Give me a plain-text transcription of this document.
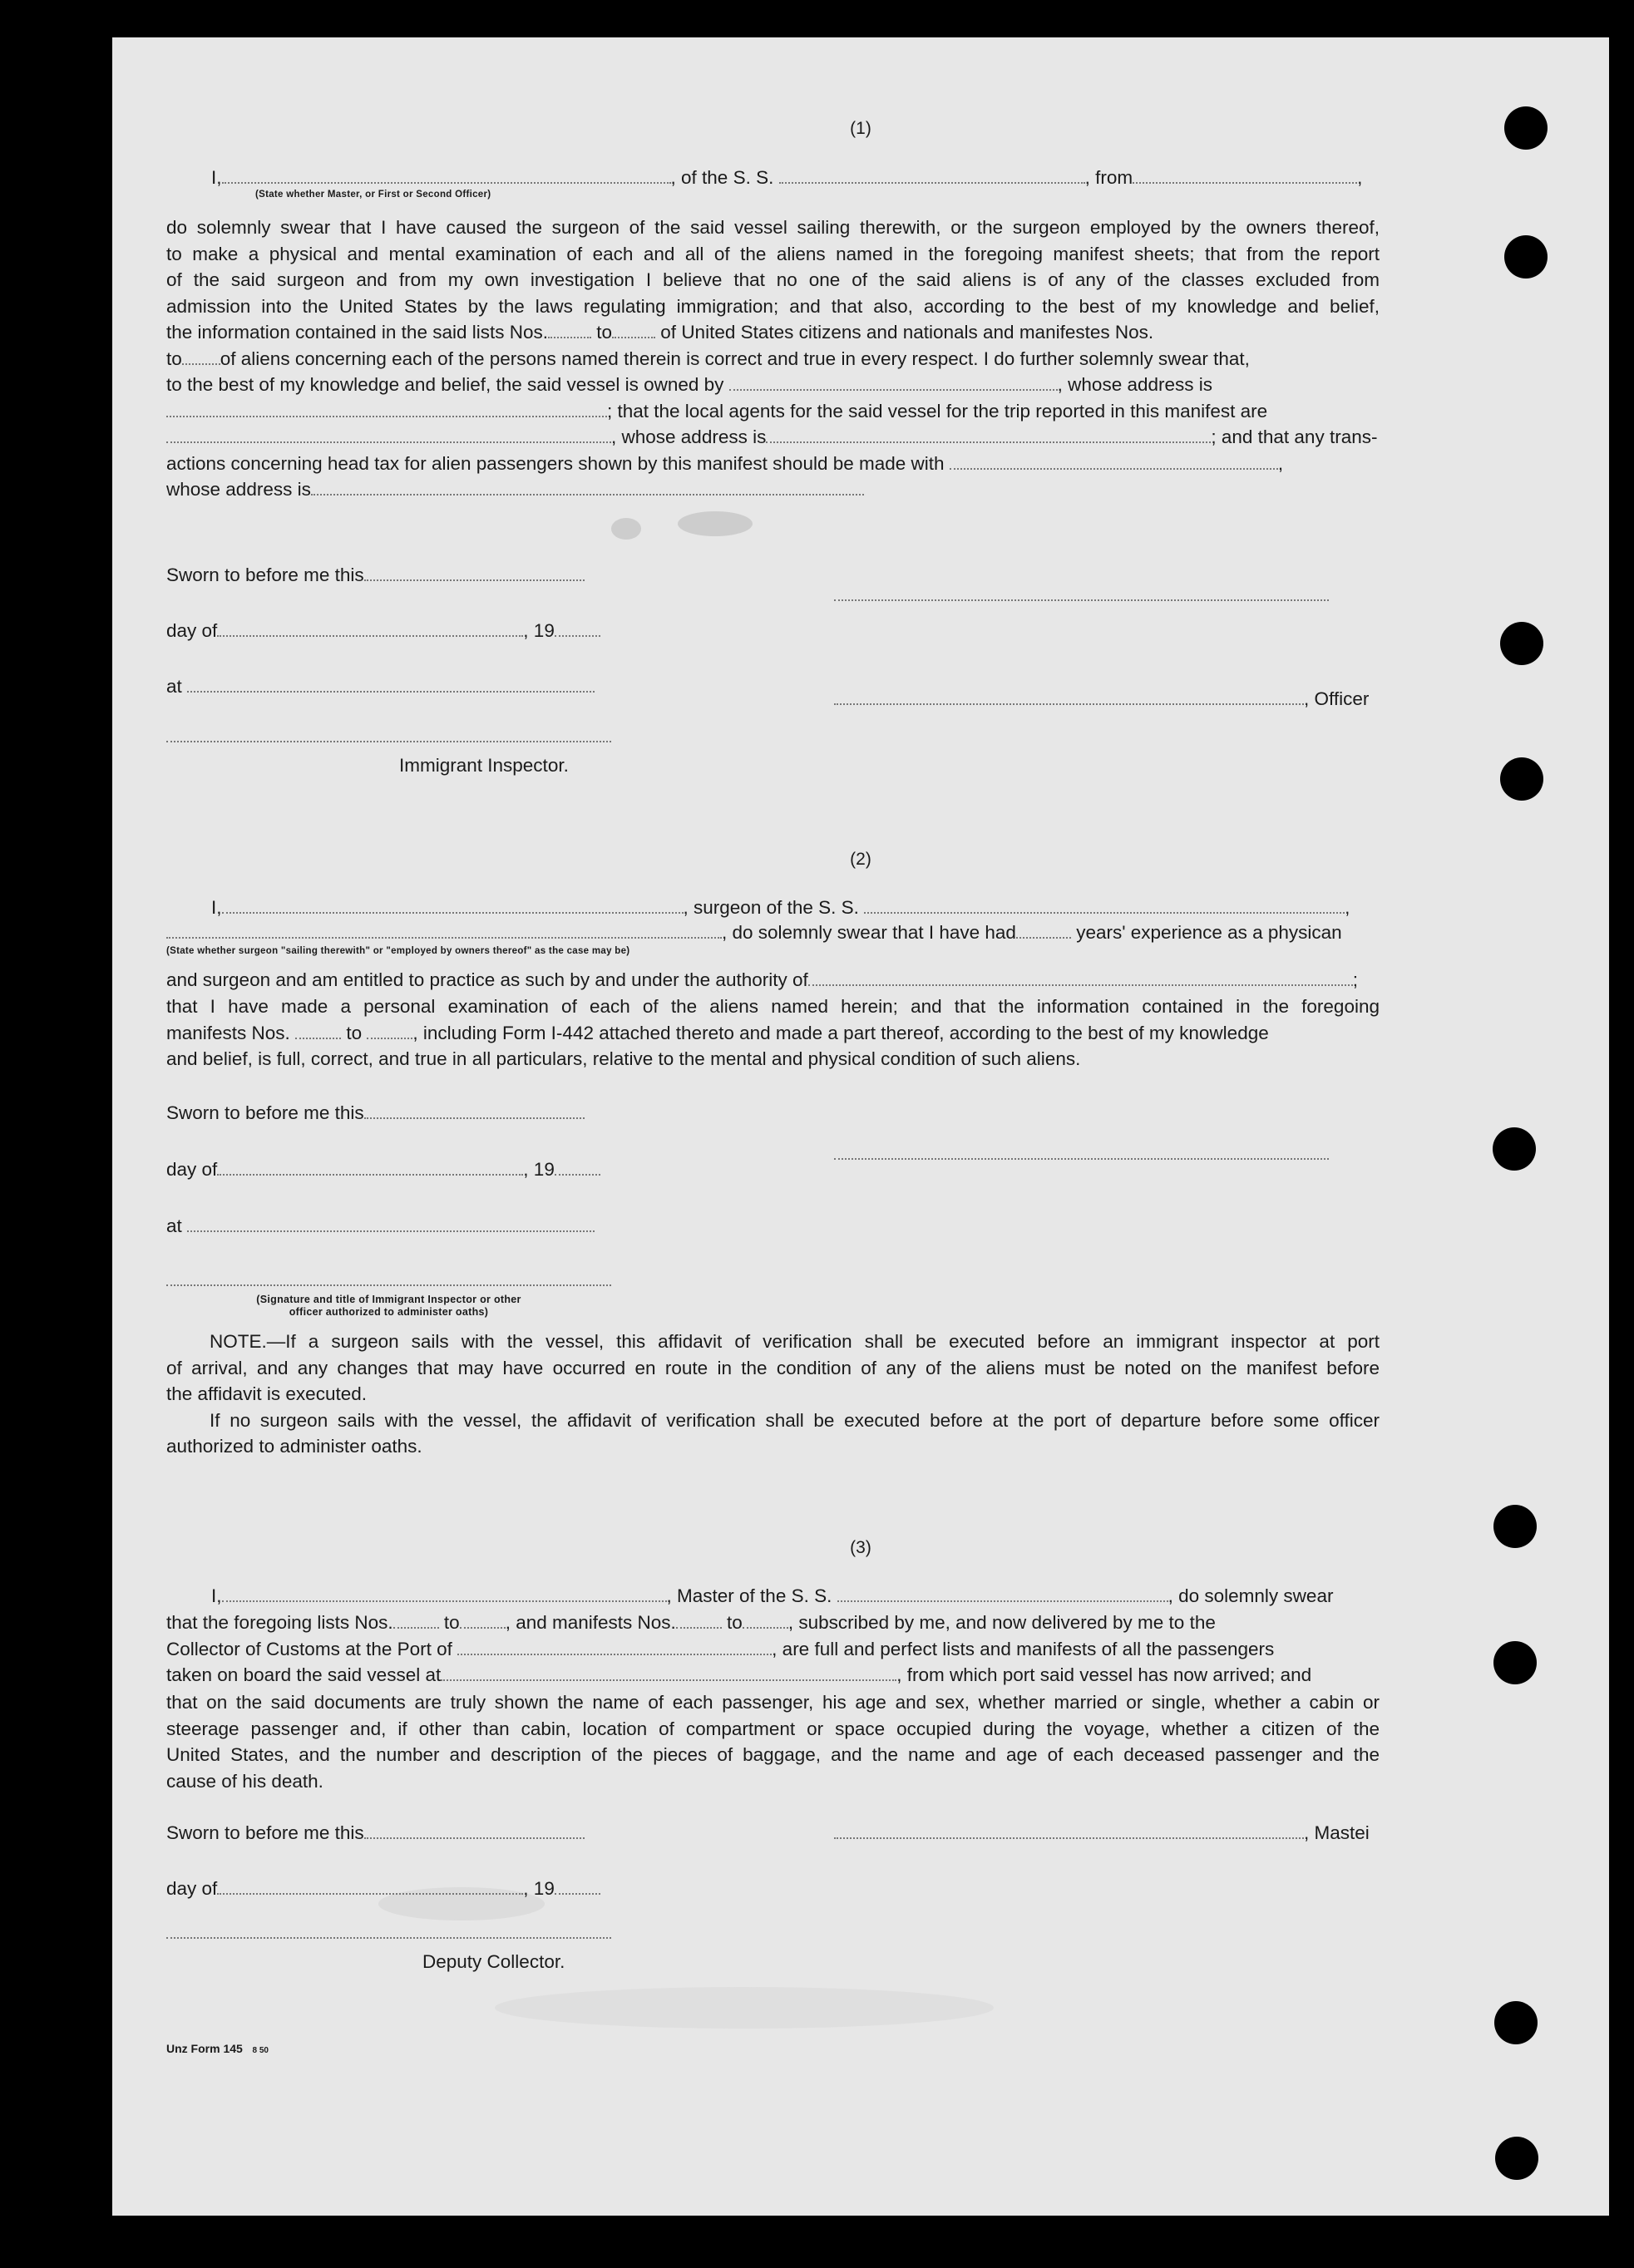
(1)
I,	, of the S. S.	, from	,
(State whether Master, or First or Second Officer)
do solemnly swear that I have caused the surgeon of the said vessel sailing therewith, or the surgeon employed by the owners thereof,
to make a physical and mental examination of each and all of the aliens named in the foregoing manifest sheets; that from the report
of the said surgeon and from my own investigation I believe that no one of the said aliens is of any of the classes excluded from
admission into the United States by the laws regulating immigration; and that also, according to the best of my knowledge and belief,
the information contained in the said lists Nos.	to	of United States citizens and nationals and manifestes Nos.
to of aliens concerning each of the persons named therein is correct and true in every respect. I do further solemnly swear that,
to the best of my knowledge and belief, the said vessel is owned by	, whose address is
; that the local agents for the said vessel for the trip reported in this manifest are
, whose address is	; and that any trans-
actions concerning head tax for alien passengers shown by this manifest should be made with	,
whose address is
Sworn to before me this
day of	, 19
at
, Officer
Immigrant Inspector.
(2)
I,	, surgeon of the S. S.	,
, do solemnly swear that I have had	years' experience as a physican
(State whether surgeon "sailing therewith" or "employed by owners thereof" as the case may be)
and surgeon and am entitled to practice as such by and under the authority of	;
that I have made a personal examination of each of the aliens named herein; and that the information contained in the foregoing
manifests Nos.	to	, including Form I-442 attached thereto and made a part thereof, according to the best of my knowledge
and belief, is full, correct, and true in all particulars, relative to the mental and physical condition of such aliens.
Sworn to before me this
day of	, 19
at
(Signature and title of Immigrant Inspector or other
officer authorized to administer oaths)
NOTE.—If a surgeon sails with the vessel, this affidavit of verification shall be executed before an immigrant inspector at port
of arrival, and any changes that may have occurred en route in the condition of any of the aliens must be noted on the manifest before
the affidavit is executed.
If no surgeon sails with the vessel, the affidavit of verification shall be executed before at the port of departure before some officer
authorized to administer oaths.
(3)
I,	, Master of the S. S.	, do solemnly swear
that the foregoing lists Nos.	to , and manifests Nos.	to , subscribed by me, and now delivered by me to the
Collector of Customs at the Port of	, are full and perfect lists and manifests of all the passengers
taken on board the said vessel at	, from which port said vessel has now arrived; and
that on the said documents are truly shown the name of each passenger, his age and sex, whether married or single, whether a cabin or
steerage passenger and, if other than cabin, location of compartment or space occupied during the voyage, whether a citizen of the
United States, and the number and description of the pieces of baggage, and the name and age of each deceased passenger and the
cause of his death.
Sworn to before me this	, Mastei
day of	, 19
Deputy Collector.
Unz Form 145 8 50
